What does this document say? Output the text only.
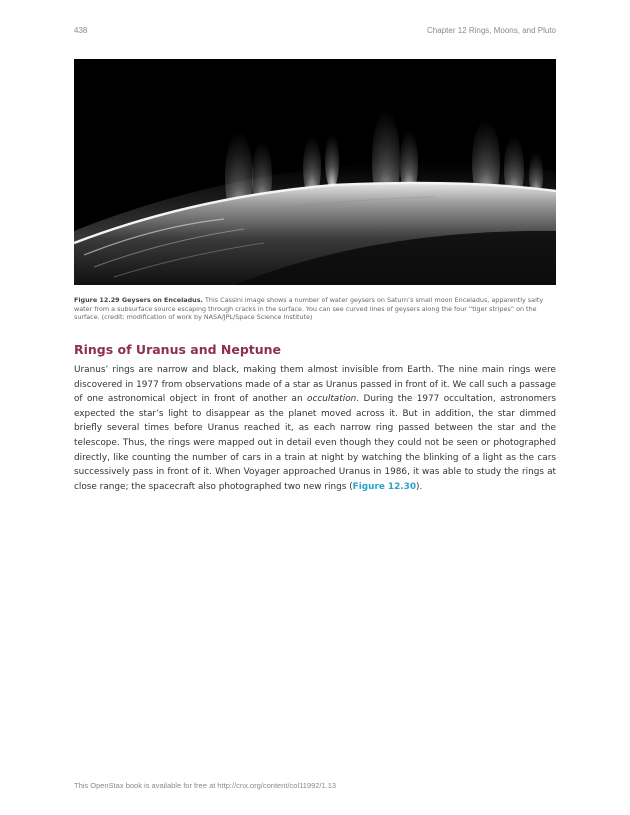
438	Chapter 12 Rings, Moons, and Pluto
Figure 12.29 Geysers on Enceladus. This Cassini image shows a number of water geysers on Saturn’s small moon Enceladus, apparently salty water from a subsurface source escaping through cracks in the surface. You can see curved lines of geysers along the four “tiger stripes” on the surface. (credit: modification of work by NASA/JPL/Space Science Institute)
Rings of Uranus and Neptune

Uranus’ rings are narrow and black, making them almost invisible from Earth. The nine main rings were discovered in 1977 from observations made of a star as Uranus passed in front of it. We call such a passage of one astronomical object in front of another an occultation. During the 1977 occultation, astronomers expected the star’s light to disappear as the planet moved across it. But in addition, the star dimmed briefly several times before Uranus reached it, as each narrow ring passed between the star and the telescope. Thus, the rings were mapped out in detail even though they could not be seen or photographed directly, like counting the number of cars in a train at night by watching the blinking of a light as the cars successively pass in front of it. When Voyager approached Uranus in 1986, it was able to study the rings at close range; the spacecraft also photographed two new rings (Figure 12.30).

This OpenStax book is available for free at http://cnx.org/content/col11992/1.13
